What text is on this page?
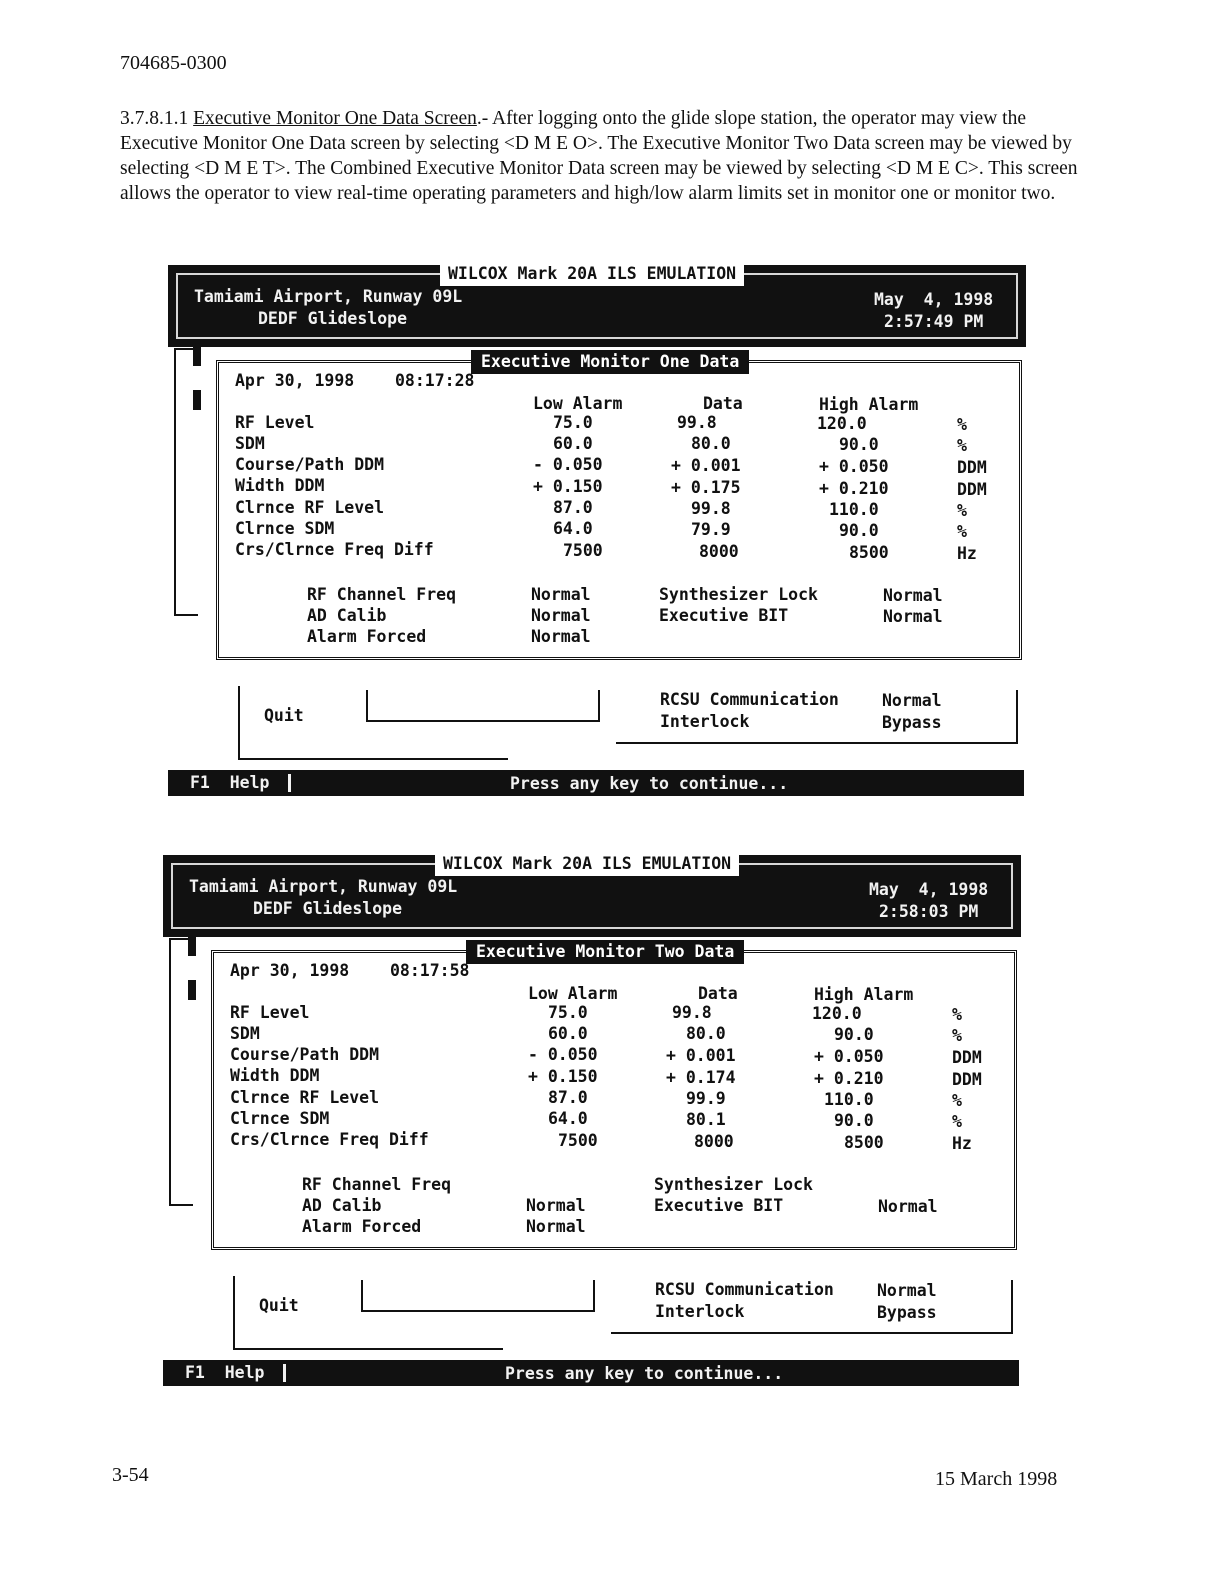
704685-0300

3.7.8.1.1 Executive Monitor One Data Screen.- After logging onto the glide slope station, the operator may view the Executive Monitor One Data screen by selecting <D M E O>. The Executive Monitor Two Data screen may be viewed by selecting <D M E T>. The Combined Executive Monitor Data screen may be viewed by selecting <D M E C>. This screen allows the operator to view real-time operating parameters and high/low alarm limits set in monitor one or monitor two.

WILCOX Mark 20A ILS EMULATION
Tamiami Airport, Runway 09L
DEDF Glideslope
May  4, 1998
2:57:49 PM
Executive Monitor One Data
Apr 30, 1998 08:17:28
Low Alarm	Data	High Alarm
RF Level	75.0	99.8	120.0	%
SDM	60.0	80.0	90.0	%
Course/Path DDM	- 0.050	+ 0.001	+ 0.050	DDM
Width DDM	+ 0.150	+ 0.175	+ 0.210	DDM
Clrnce RF Level	87.0	99.8	110.0	%
Clrnce SDM	64.0	79.9	90.0	%
Crs/Clrnce Freq Diff	7500	8000	8500	Hz
RF Channel Freq	Normal
AD Calib	Normal
Alarm Forced	Normal
Synthesizer Lock	Normal
Executive BIT	Normal
Quit
RCSU Communication	Normal
Interlock	Bypass
F1  Help	Press any key to continue...
WILCOX Mark 20A ILS EMULATION
Tamiami Airport, Runway 09L
DEDF Glideslope
May  4, 1998
2:58:03 PM
Executive Monitor Two Data
Apr 30, 1998 08:17:58
Low Alarm	Data	High Alarm
RF Level	75.0	99.8	120.0	%
SDM	60.0	80.0	90.0	%
Course/Path DDM	- 0.050	+ 0.001	+ 0.050	DDM
Width DDM	+ 0.150	+ 0.174	+ 0.210	DDM
Clrnce RF Level	87.0	99.9	110.0	%
Clrnce SDM	64.0	80.1	90.0	%
Crs/Clrnce Freq Diff	7500	8000	8500	Hz
RF Channel Freq
AD Calib	Normal
Alarm Forced	Normal
Synthesizer Lock
Executive BIT	Normal
Quit
RCSU Communication	Normal
Interlock	Bypass
F1  Help	Press any key to continue...
3-54	15 March 1998
